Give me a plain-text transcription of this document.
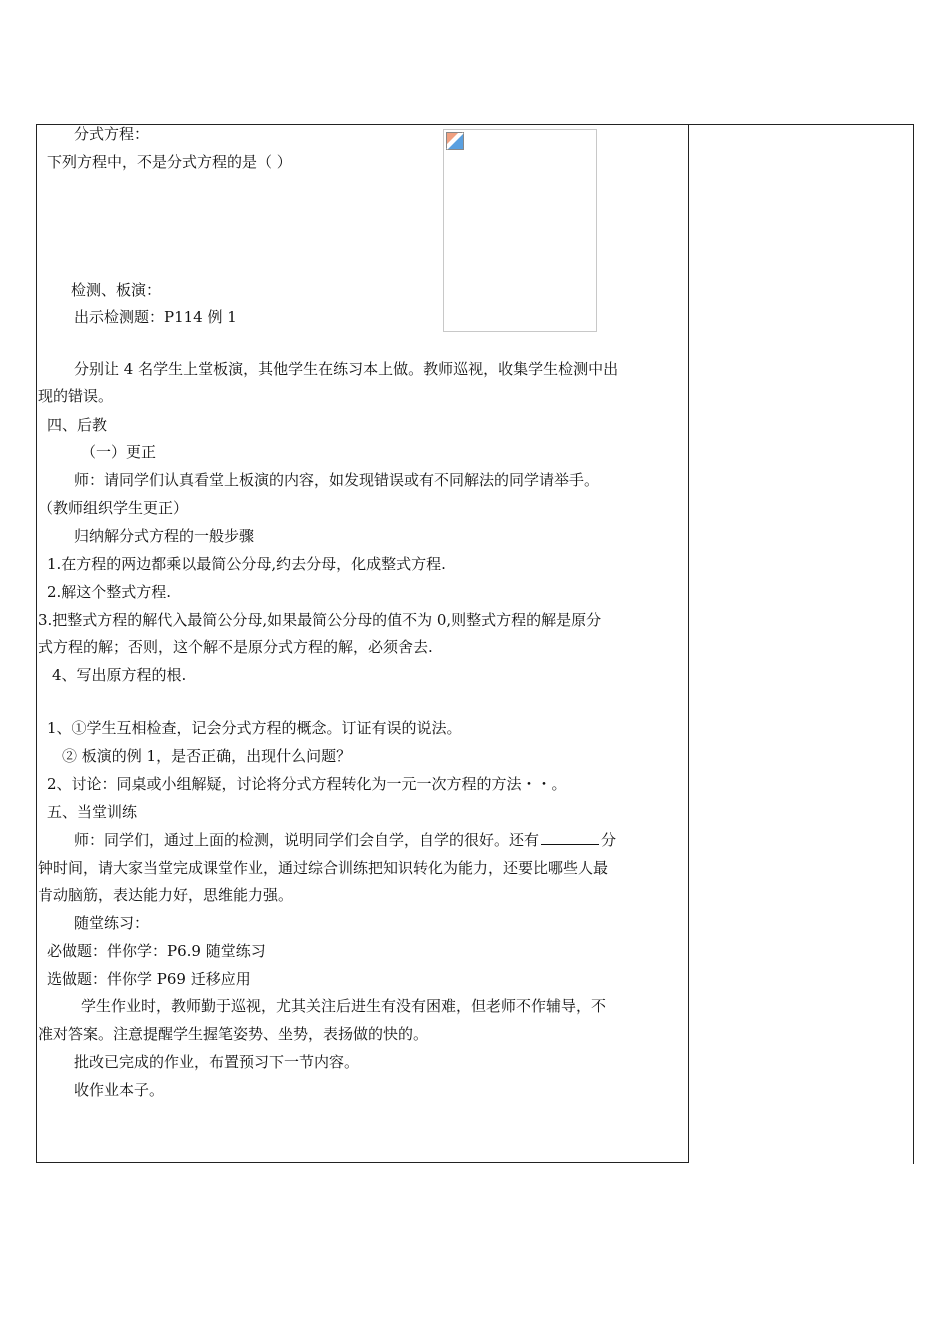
分式方程：
下列方程中，不是分式方程的是（ ）
检测、板演：
出示检测题：P114 例 1
分别让 4 名学生上堂板演，其他学生在练习本上做。教师巡视，收集学生检测中出
现的错误。
四、后教
（一）更正
师：请同学们认真看堂上板演的内容，如发现错误或有不同解法的同学请举手。
（教师组织学生更正）
归纳解分式方程的一般步骤
1.在方程的两边都乘以最简公分母,约去分母，化成整式方程.
2.解这个整式方程.
3.把整式方程的解代入最简公分母,如果最简公分母的值不为 0,则整式方程的解是原分
式方程的解；否则，这个解不是原分式方程的解，必须舍去.
4、写出原方程的根.
1、①学生互相检查，记会分式方程的概念。订证有误的说法。
② 板演的例 1，是否正确，出现什么问题？
2、讨论：同桌或小组解疑，讨论将分式方程转化为一元一次方程的方法・・。
五、当堂训练
师：同学们，通过上面的检测，说明同学们会自学，自学的很好。还有	分
钟时间，请大家当堂完成课堂作业，通过综合训练把知识转化为能力，还要比哪些人最
肯动脑筋，表达能力好，思维能力强。
随堂练习：
必做题：伴你学：P6.9 随堂练习
选做题：伴你学 P69 迁移应用
学生作业时，教师勤于巡视，尤其关注后进生有没有困难，但老师不作辅导，不
准对答案。注意提醒学生握笔姿势、坐势，表扬做的快的。
批改已完成的作业，布置预习下一节内容。
收作业本子。
